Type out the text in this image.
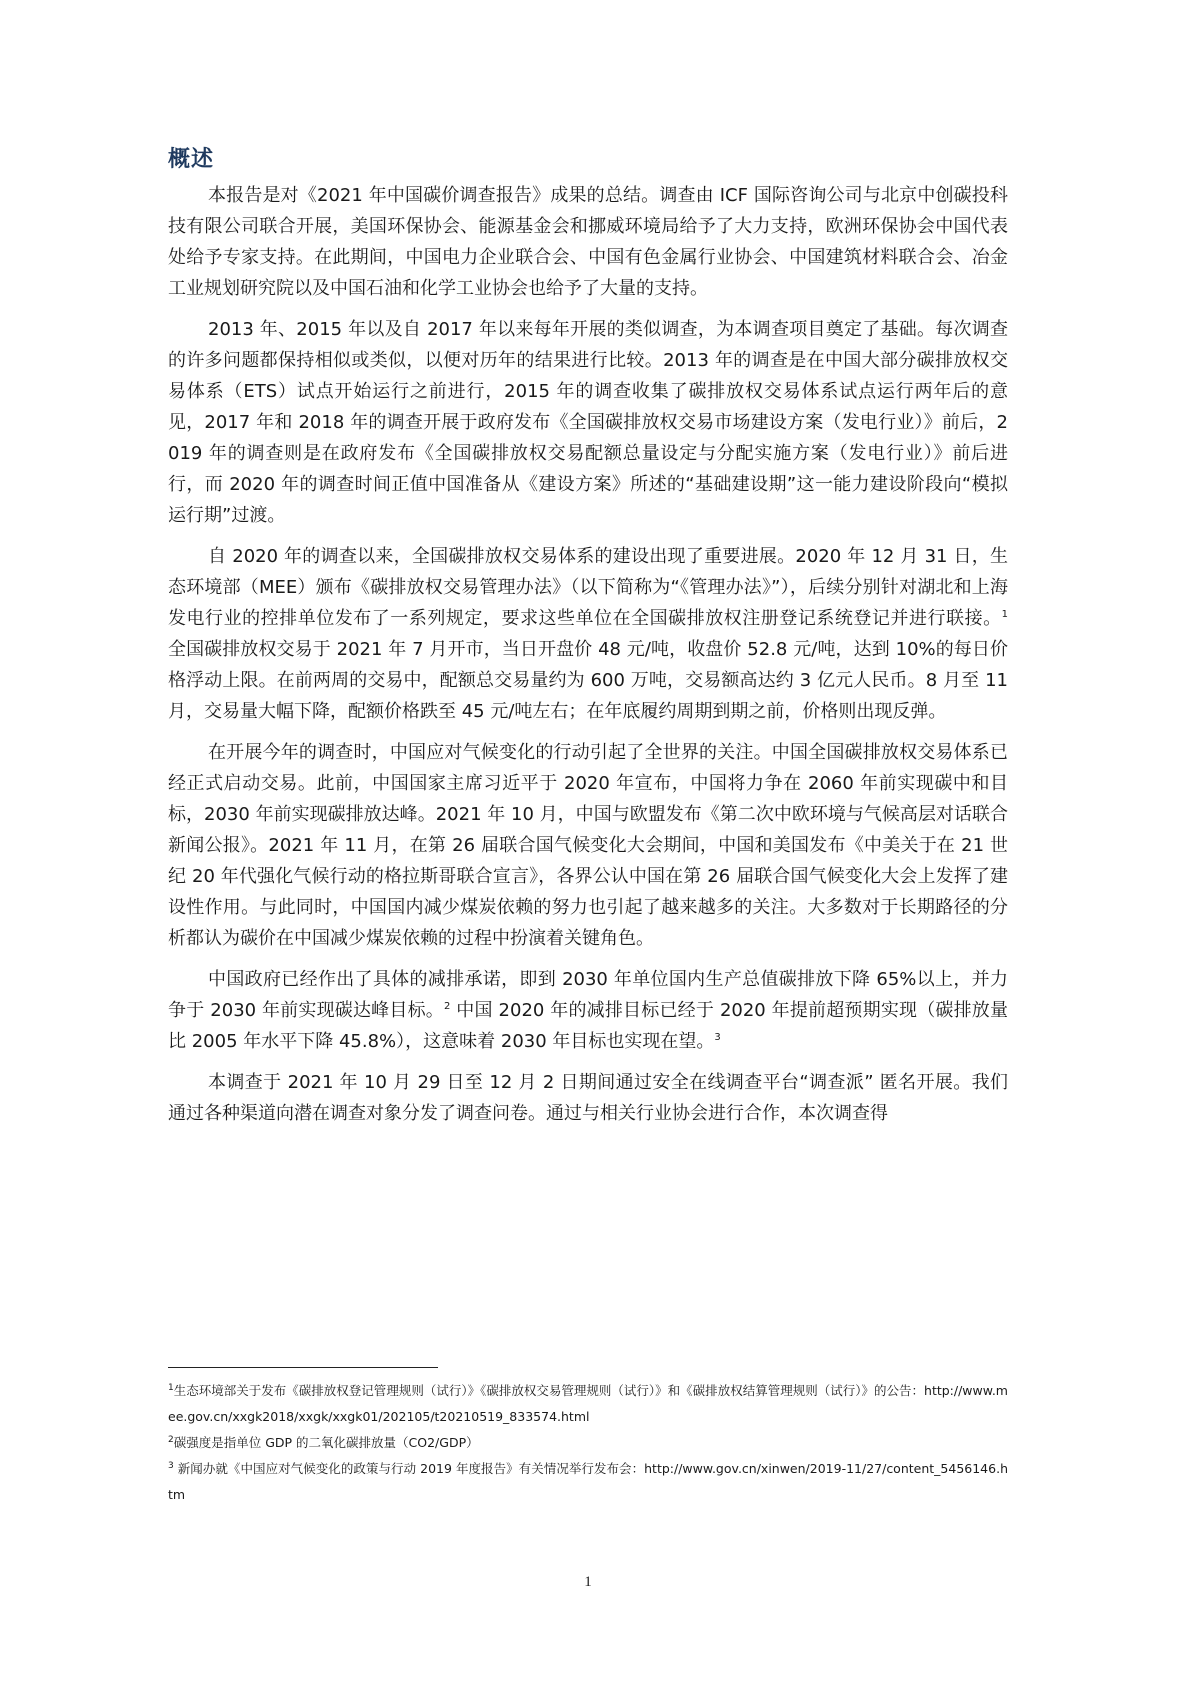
概述

本报告是对《2021 年中国碳价调查报告》成果的总结。调查由 ICF 国际咨询公司与北京中创碳投科技有限公司联合开展，美国环保协会、能源基金会和挪威环境局给予了大力支持，欧洲环保协会中国代表处给予专家支持。在此期间，中国电力企业联合会、中国有色金属行业协会、中国建筑材料联合会、冶金工业规划研究院以及中国石油和化学工业协会也给予了大量的支持。

2013 年、2015 年以及自 2017 年以来每年开展的类似调查，为本调查项目奠定了基础。每次调查的许多问题都保持相似或类似，以便对历年的结果进行比较。2013 年的调查是在中国大部分碳排放权交易体系（ETS）试点开始运行之前进行，2015 年的调查收集了碳排放权交易体系试点运行两年后的意见，2017 年和 2018 年的调查开展于政府发布《全国碳排放权交易市场建设方案（发电行业）》前后，2019 年的调查则是在政府发布《全国碳排放权交易配额总量设定与分配实施方案（发电行业）》前后进行，而 2020 年的调查时间正值中国准备从《建设方案》所述的“基础建设期”这一能力建设阶段向“模拟运行期”过渡。

自 2020 年的调查以来，全国碳排放权交易体系的建设出现了重要进展。2020 年 12 月 31 日，生态环境部（MEE）颁布《碳排放权交易管理办法》（以下简称为“《管理办法》”），后续分别针对湖北和上海发电行业的控排单位发布了一系列规定，要求这些单位在全国碳排放权注册登记系统登记并进行联接。$^1$ 全国碳排放权交易于 2021 年 7 月开市，当日开盘价 48 元/吨，收盘价 52.8 元/吨，达到 10%的每日价格浮动上限。在前两周的交易中，配额总交易量约为 600 万吨，交易额高达约 3 亿元人民币。8 月至 11 月，交易量大幅下降，配额价格跌至 45 元/吨左右；在年底履约周期到期之前，价格则出现反弹。

在开展今年的调查时，中国应对气候变化的行动引起了全世界的关注。中国全国碳排放权交易体系已经正式启动交易。此前，中国国家主席习近平于 2020 年宣布，中国将力争在 2060 年前实现碳中和目标，2030 年前实现碳排放达峰。2021 年 10 月，中国与欧盟发布《第二次中欧环境与气候高层对话联合新闻公报》。2021 年 11 月，在第 26 届联合国气候变化大会期间，中国和美国发布《中美关于在 21 世纪 20 年代强化气候行动的格拉斯哥联合宣言》，各界公认中国在第 26 届联合国气候变化大会上发挥了建设性作用。与此同时，中国国内减少煤炭依赖的努力也引起了越来越多的关注。大多数对于长期路径的分析都认为碳价在中国减少煤炭依赖的过程中扮演着关键角色。

中国政府已经作出了具体的减排承诺，即到 2030 年单位国内生产总值碳排放下降 65%以上，并力争于 2030 年前实现碳达峰目标。$^2$ 中国 2020 年的减排目标已经于 2020 年提前超预期实现（碳排放量比 2005 年水平下降 45.8%），这意味着 2030 年目标也实现在望。$^3$

本调查于 2021 年 10 月 29 日至 12 月 2 日期间通过安全在线调查平台“调查派” 匿名开展。我们通过各种渠道向潜在调查对象分发了调查问卷。通过与相关行业协会进行合作，本次调查得

$^1$生态环境部关于发布《碳排放权登记管理规则（试行）》《碳排放权交易管理规则（试行）》和《碳排放权结算管理规则（试行）》的公告：http://www.mee.gov.cn/xxgk2018/xxgk/xxgk01/202105/t20210519_833574.html

$^2$碳强度是指单位 GDP 的二氧化碳排放量（CO2/GDP）

$^3$ 新闻办就《中国应对气候变化的政策与行动 2019 年度报告》有关情况举行发布会：http://www.gov.cn/xinwen/2019-11/27/content_5456146.htm

1
